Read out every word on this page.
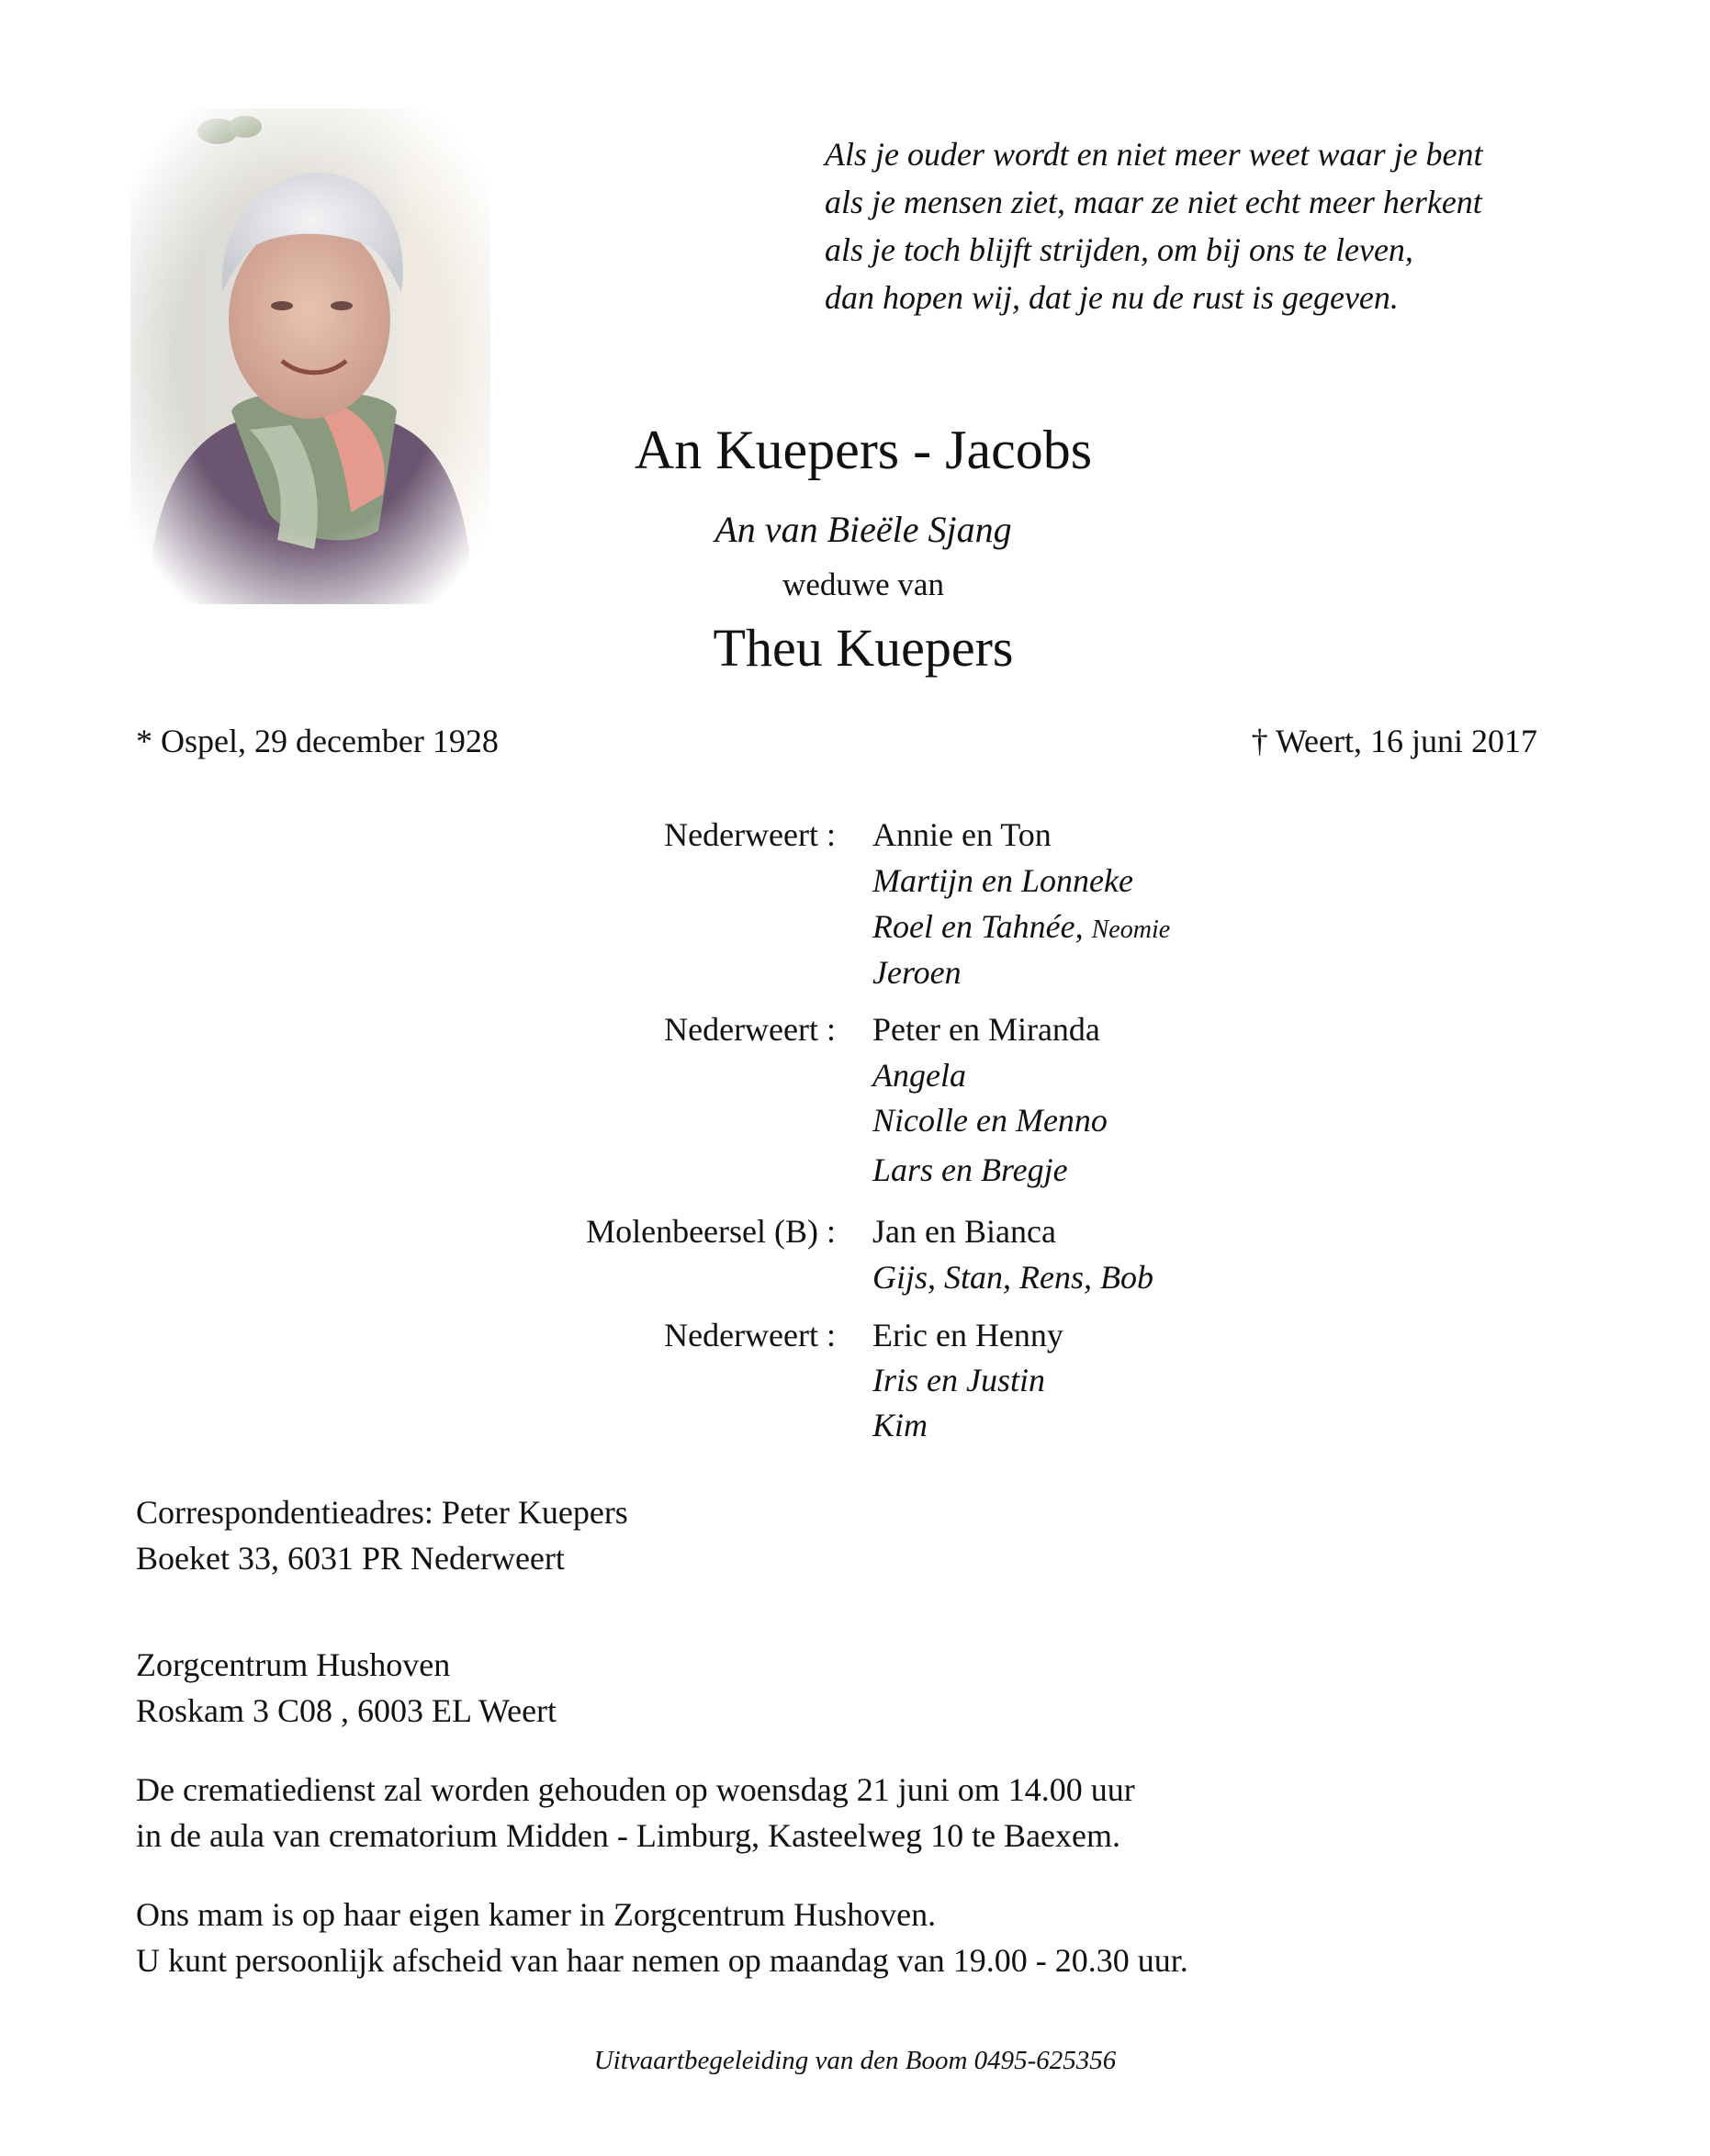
Als je ouder wordt en niet meer weet waar je bent
als je mensen ziet, maar ze niet echt meer herkent
als je toch blijft strijden, om bij ons te leven,
dan hopen wij, dat je nu de rust is gegeven.
An Kuepers - Jacobs
An van Bieële Sjang
weduwe van
Theu Kuepers
* Ospel, 29 december 1928	† Weert, 16 juni 2017
Nederweert : Annie en Ton
Martijn en Lonneke
Roel en Tahnée, Neomie
Jeroen
Nederweert : Peter en Miranda
Angela
Nicolle en Menno
Lars en Bregje
Molenbeersel (B) : Jan en Bianca
Gijs, Stan, Rens, Bob
Nederweert : Eric en Henny
Iris en Justin
Kim
Correspondentieadres: Peter Kuepers
Boeket 33, 6031 PR Nederweert
Zorgcentrum Hushoven
Roskam 3 C08 , 6003 EL Weert
De crematiedienst zal worden gehouden op woensdag 21 juni om 14.00 uur
in de aula van crematorium Midden - Limburg, Kasteelweg 10 te Baexem.
Ons mam is op haar eigen kamer in Zorgcentrum Hushoven.
U kunt persoonlijk afscheid van haar nemen op maandag van 19.00 - 20.30 uur.
Uitvaartbegeleiding van den Boom 0495-625356
